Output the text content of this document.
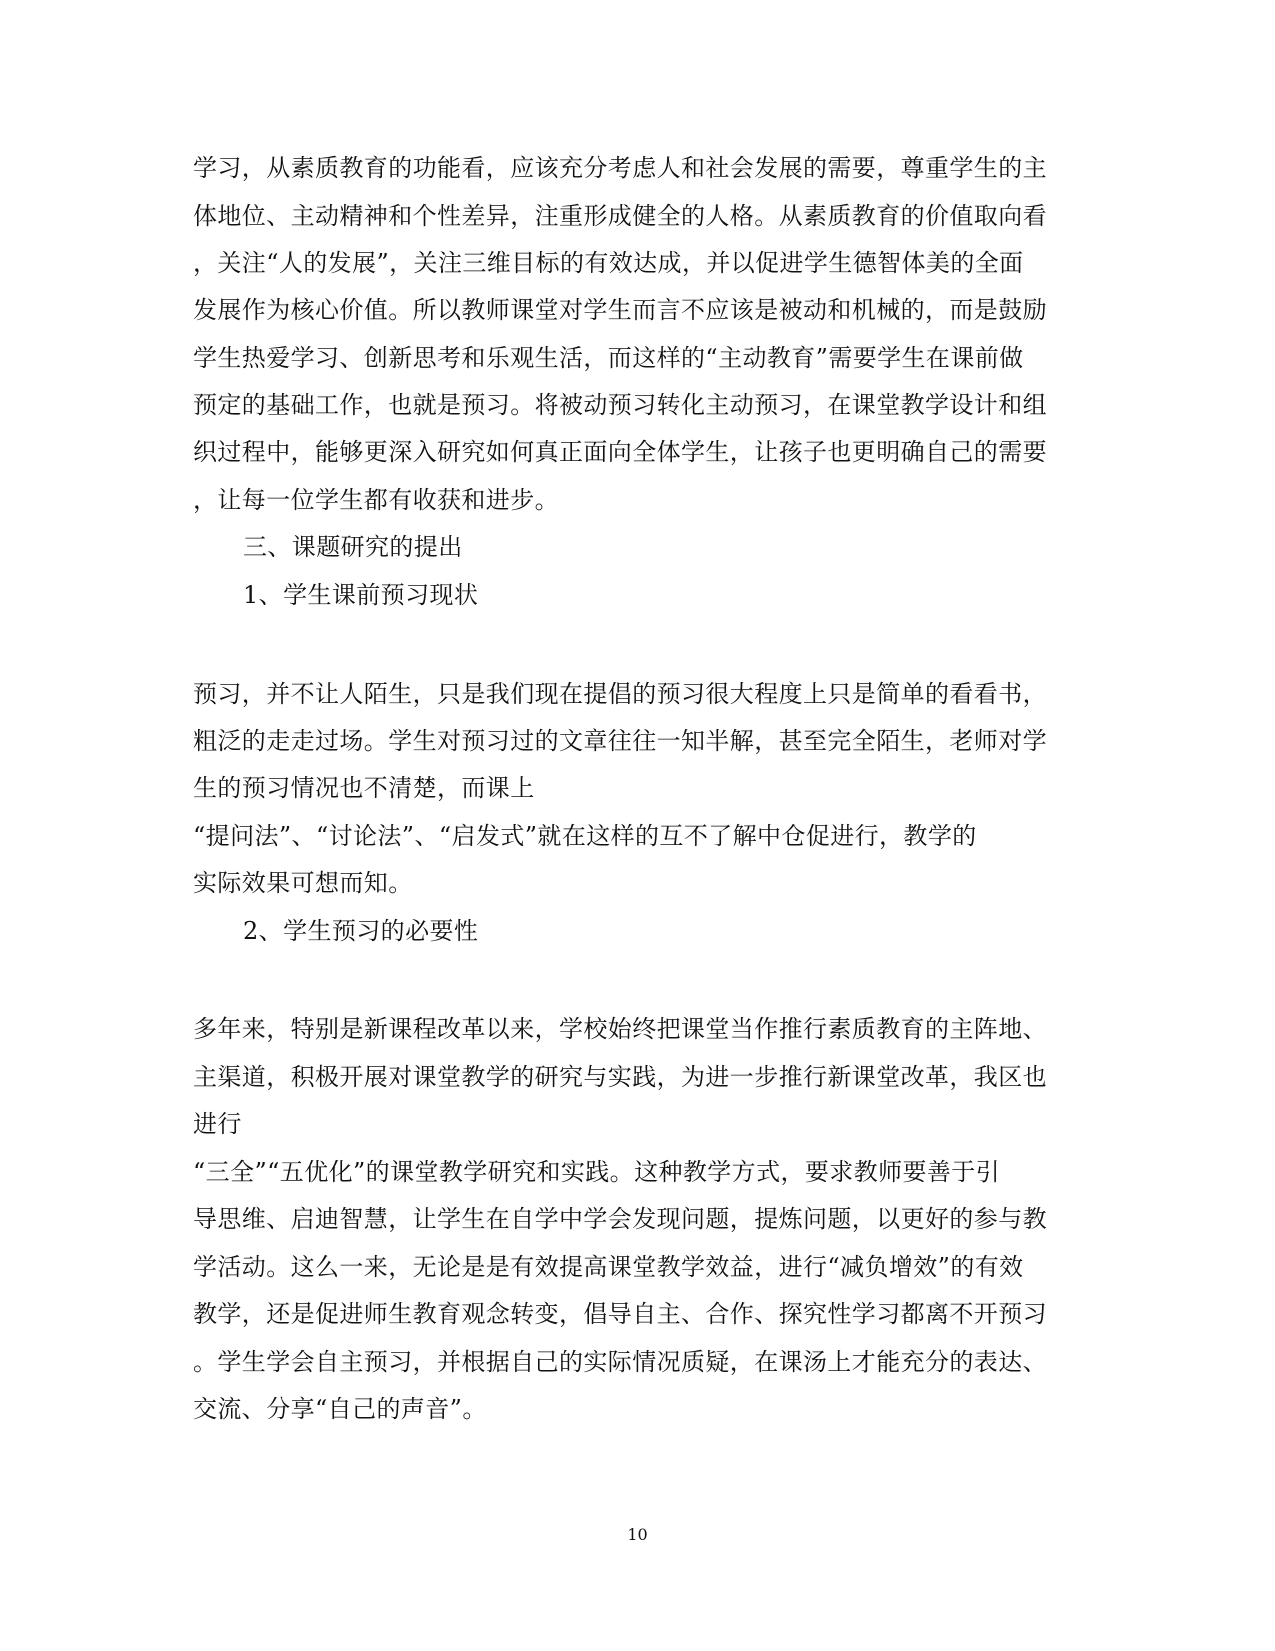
学习，从素质教育的功能看，应该充分考虑人和社会发展的需要，尊重学生的主
体地位、主动精神和个性差异，注重形成健全的人格。从素质教育的价值取向看
，关注“人的发展”，关注三维目标的有效达成，并以促进学生德智体美的全面
发展作为核心价值。所以教师课堂对学生而言不应该是被动和机械的，而是鼓励
学生热爱学习、创新思考和乐观生活，而这样的“主动教育”需要学生在课前做
预定的基础工作，也就是预习。将被动预习转化主动预习，在课堂教学设计和组
织过程中，能够更深入研究如何真正面向全体学生，让孩子也更明确自己的需要
，让每一位学生都有收获和进步。
三、课题研究的提出
1、学生课前预习现状
预习，并不让人陌生，只是我们现在提倡的预习很大程度上只是简单的看看书，
粗泛的走走过场。学生对预习过的文章往往一知半解，甚至完全陌生，老师对学
生的预习情况也不清楚，而课上
“提问法”、“讨论法”、“启发式”就在这样的互不了解中仓促进行，教学的
实际效果可想而知。
2、学生预习的必要性
多年来，特别是新课程改革以来，学校始终把课堂当作推行素质教育的主阵地、
主渠道，积极开展对课堂教学的研究与实践，为进一步推行新课堂改革，我区也
进行
“三全”“五优化”的课堂教学研究和实践。这种教学方式，要求教师要善于引
导思维、启迪智慧，让学生在自学中学会发现问题，提炼问题，以更好的参与教
学活动。这么一来，无论是是有效提高课堂教学效益，进行“减负增效”的有效
教学，还是促进师生教育观念转变，倡导自主、合作、探究性学习都离不开预习
。学生学会自主预习，并根据自己的实际情况质疑，在课汤上才能充分的表达、
交流、分享“自己的声音”。
10
